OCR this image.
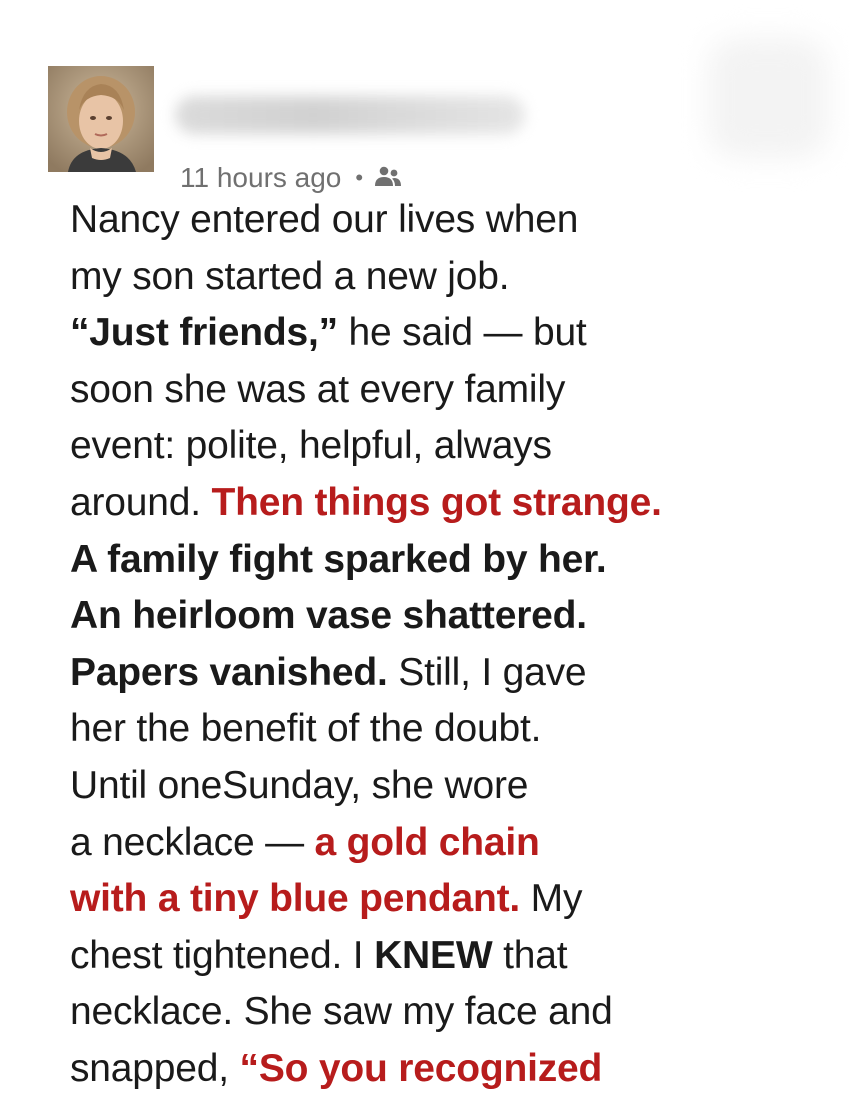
11 hours ago •
Nancy entered our lives when
my son started a new job.
“Just friends,” he said — but
soon she was at every family
event: polite, helpful, always
around. Then things got strange.
A family fight sparked by her.
An heirloom vase shattered.
Papers vanished. Still, I gave
her the benefit of the doubt.
Until oneSunday, she wore
a necklace — a gold chain
with a tiny blue pendant. My
chest tightened. I KNEW that
necklace. She saw my face and
snapped, “So you recognized
